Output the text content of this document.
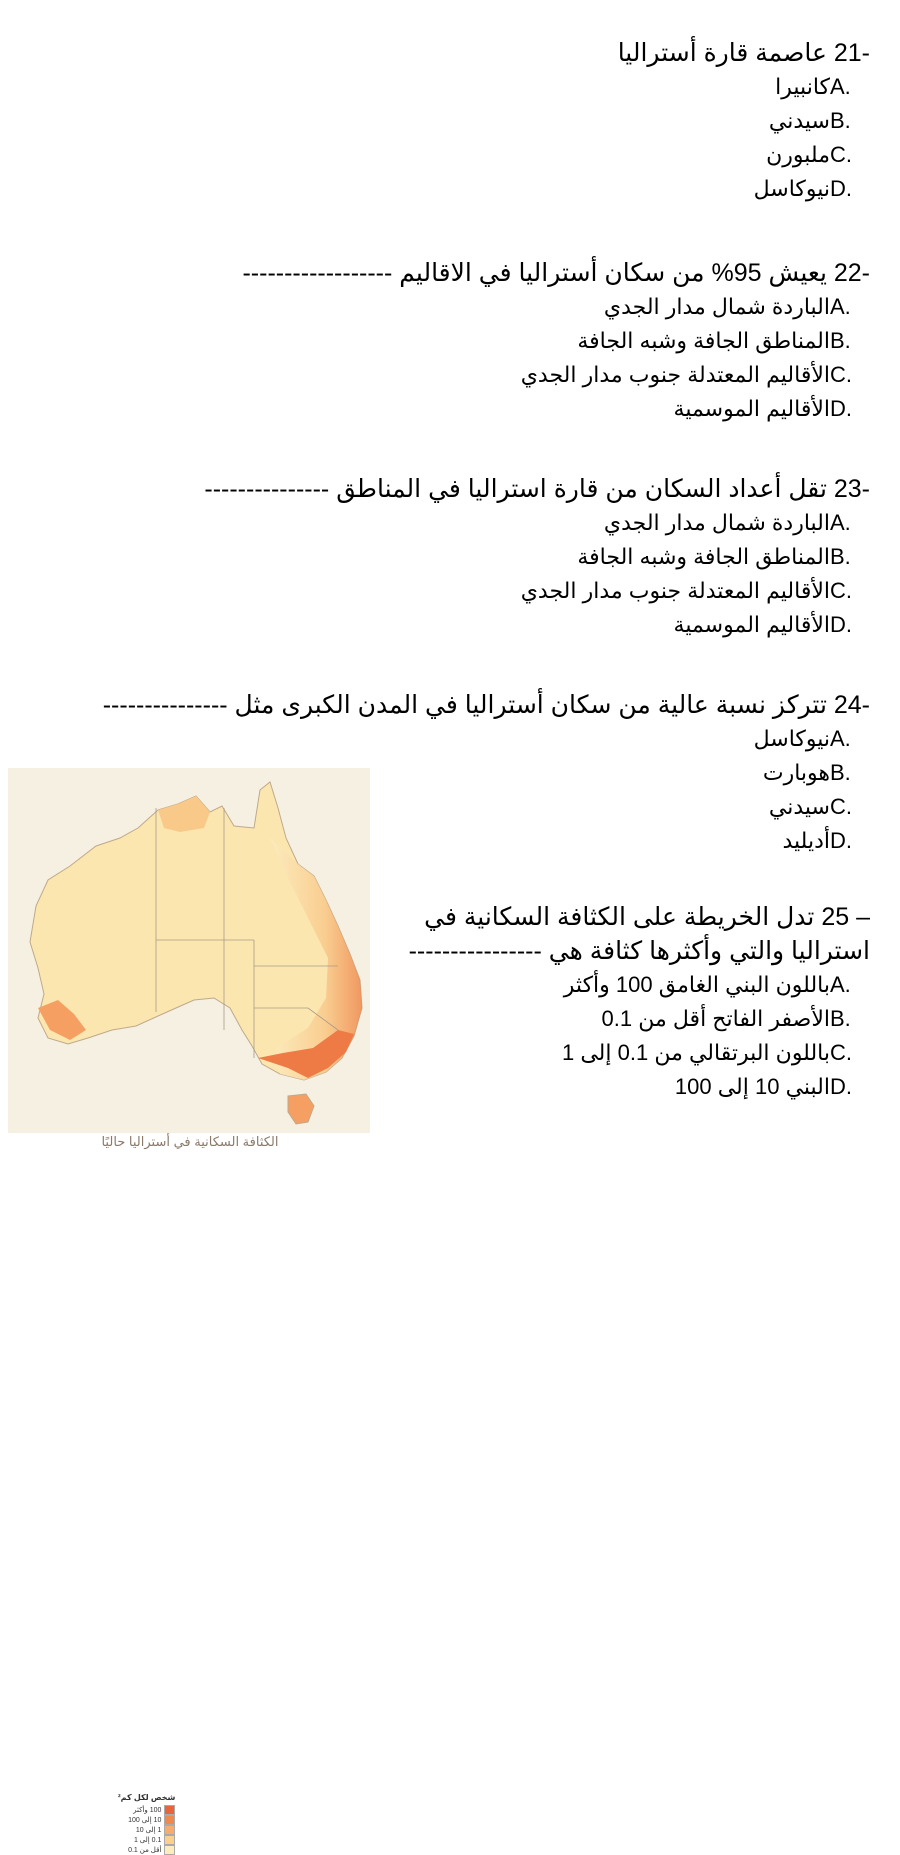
21- عاصمة قارة أستراليا
A.
كانبيرا
B.
سيدني
C.
ملبورن
D.
نيوكاسل
22- يعيش 95% من سكان أستراليا في الاقاليم ------------------
A.
الباردة شمال مدار الجدي
B.
المناطق الجافة وشبه الجافة
C.
الأقاليم المعتدلة جنوب مدار الجدي
D.
الأقاليم الموسمية
23- تقل أعداد السكان من قارة استراليا في المناطق ---------------
A.
الباردة شمال مدار الجدي
B.
المناطق الجافة وشبه الجافة
C.
الأقاليم المعتدلة جنوب مدار الجدي
D.
الأقاليم الموسمية
24- تتركز نسبة عالية من سكان أستراليا في المدن الكبرى مثل ---------------
A.
نيوكاسل
B.
هوبارت
C.
سيدني
D.
أديليد
25 – تدل الخريطة على الكثافة السكانية في استراليا والتي وأكثرها كثافة هي ----------------
A.
باللون البني الغامق 100 وأكثر
B.
الأصفر الفاتح أقل من 0.1
C.
باللون البرتقالي من 0.1 إلى 1
D.
البني 10 إلى 100
شخص لكل كم²
100 وأكثر
10 إلى 100
1 إلى 10
0.1 إلى 1
أقل من 0.1
الكثافة السكانية في أستراليا حاليًا
